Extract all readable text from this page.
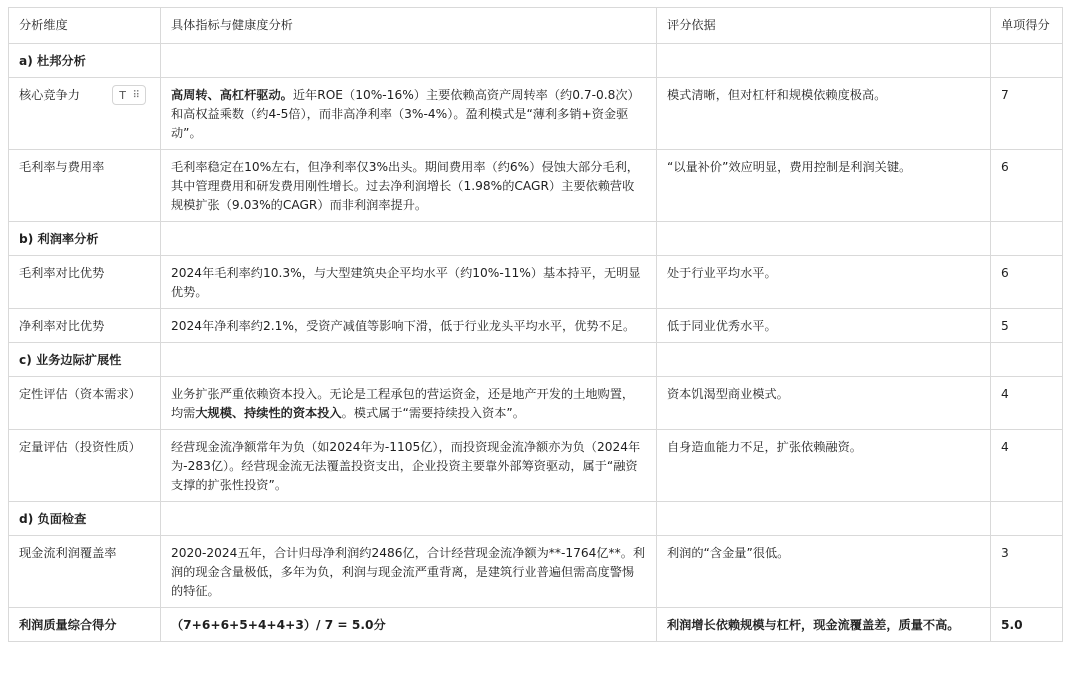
分析维度	具体指标与健康度分析	评分依据	单项得分
a) 杜邦分析			
核心竞争力 T ⠿	高周转、高杠杆驱动。近年ROE（10%-16%）主要依赖高资产周转率（约0.7-0.8次）和高权益乘数（约4-5倍），而非高净利率（3%-4%）。盈利模式是“薄利多销+资金驱动”。	模式清晰，但对杠杆和规模依赖度极高。	7
毛利率与费用率	毛利率稳定在10%左右，但净利率仅3%出头。期间费用率（约6%）侵蚀大部分毛利，其中管理费用和研发费用刚性增长。过去净利润增长（1.98%的CAGR）主要依赖营收规模扩张（9.03%的CAGR）而非利润率提升。	“以量补价”效应明显，费用控制是利润关键。	6
b) 利润率分析			
毛利率对比优势	2024年毛利率约10.3%，与大型建筑央企平均水平（约10%-11%）基本持平，无明显优势。	处于行业平均水平。	6
净利率对比优势	2024年净利率约2.1%，受资产减值等影响下滑，低于行业龙头平均水平，优势不足。	低于同业优秀水平。	5
c) 业务边际扩展性			
定性评估（资本需求）	业务扩张严重依赖资本投入。无论是工程承包的营运资金，还是地产开发的土地购置，均需大规模、持续性的资本投入。模式属于“需要持续投入资本”。	资本饥渴型商业模式。	4
定量评估（投资性质）	经营现金流净额常年为负（如2024年为-1105亿），而投资现金流净额亦为负（2024年为-283亿）。经营现金流无法覆盖投资支出，企业投资主要靠外部筹资驱动，属于“融资支撑的扩张性投资”。	自身造血能力不足，扩张依赖融资。	4
d) 负面检查			
现金流利润覆盖率	2020-2024五年，合计归母净利润约2486亿，合计经营现金流净额为**-1764亿**。利润的现金含量极低，多年为负，利润与现金流严重背离，是建筑行业普遍但需高度警惕的特征。	利润的“含金量”很低。	3
利润质量综合得分	（7+6+6+5+4+4+3）/ 7 = 5.0分	利润增长依赖规模与杠杆，现金流覆盖差，质量不高。	5.0
